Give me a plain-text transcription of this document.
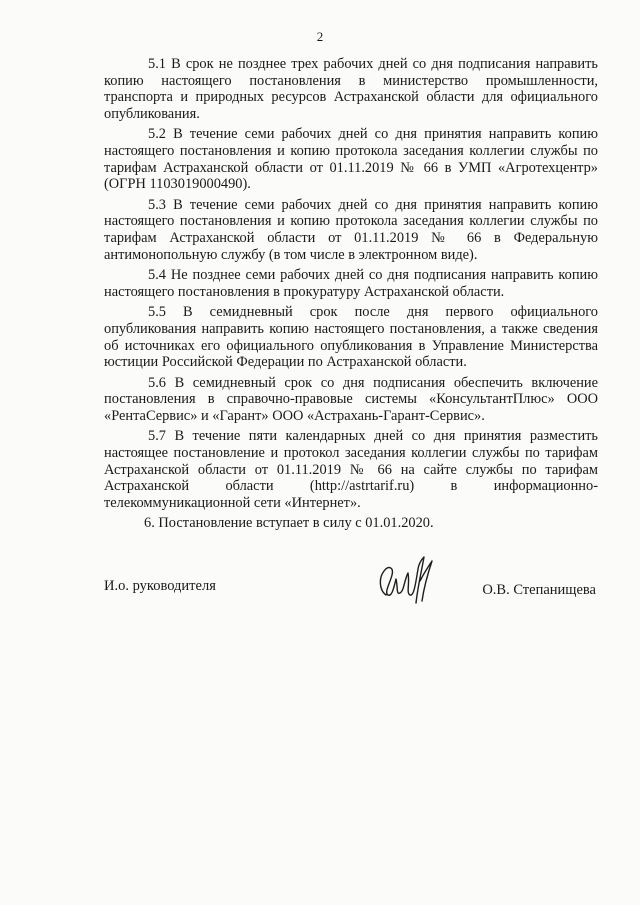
2

5.1 В срок не позднее трех рабочих дней со дня подписания направить копию настоящего постановления в министерство промышленности, транспорта и природных ресурсов Астраханской области для официального опубликования.

5.2 В течение семи рабочих дней со дня принятия направить копию настоящего постановления и копию протокола заседания коллегии службы по тарифам Астраханской области от 01.11.2019 № 66 в УМП «Агротехцентр» (ОГРН 1103019000490).

5.3 В течение семи рабочих дней со дня принятия направить копию настоящего постановления и копию протокола заседания коллегии службы по тарифам Астраханской области от 01.11.2019 № 66 в Федеральную антимонопольную службу (в том числе в электронном виде).

5.4 Не позднее семи рабочих дней со дня подписания направить копию настоящего постановления в прокуратуру Астраханской области.

5.5 В семидневный срок после дня первого официального опубликования направить копию настоящего постановления, а также сведения об источниках его официального опубликования в Управление Министерства юстиции Российской Федерации по Астраханской области.

5.6 В семидневный срок со дня подписания обеспечить включение постановления в справочно-правовые системы «КонсультантПлюс» ООО «РентаСервис» и «Гарант» ООО «Астрахань-Гарант-Сервис».

5.7 В течение пяти календарных дней со дня принятия разместить настоящее постановление и протокол заседания коллегии службы по тарифам Астраханской области от 01.11.2019 № 66 на сайте службы по тарифам Астраханской области (http://astrtarif.ru) в информационно-телекоммуникационной сети «Интернет».

6. Постановление вступает в силу с 01.01.2020.

И.о. руководителя	О.В. Степанищева
